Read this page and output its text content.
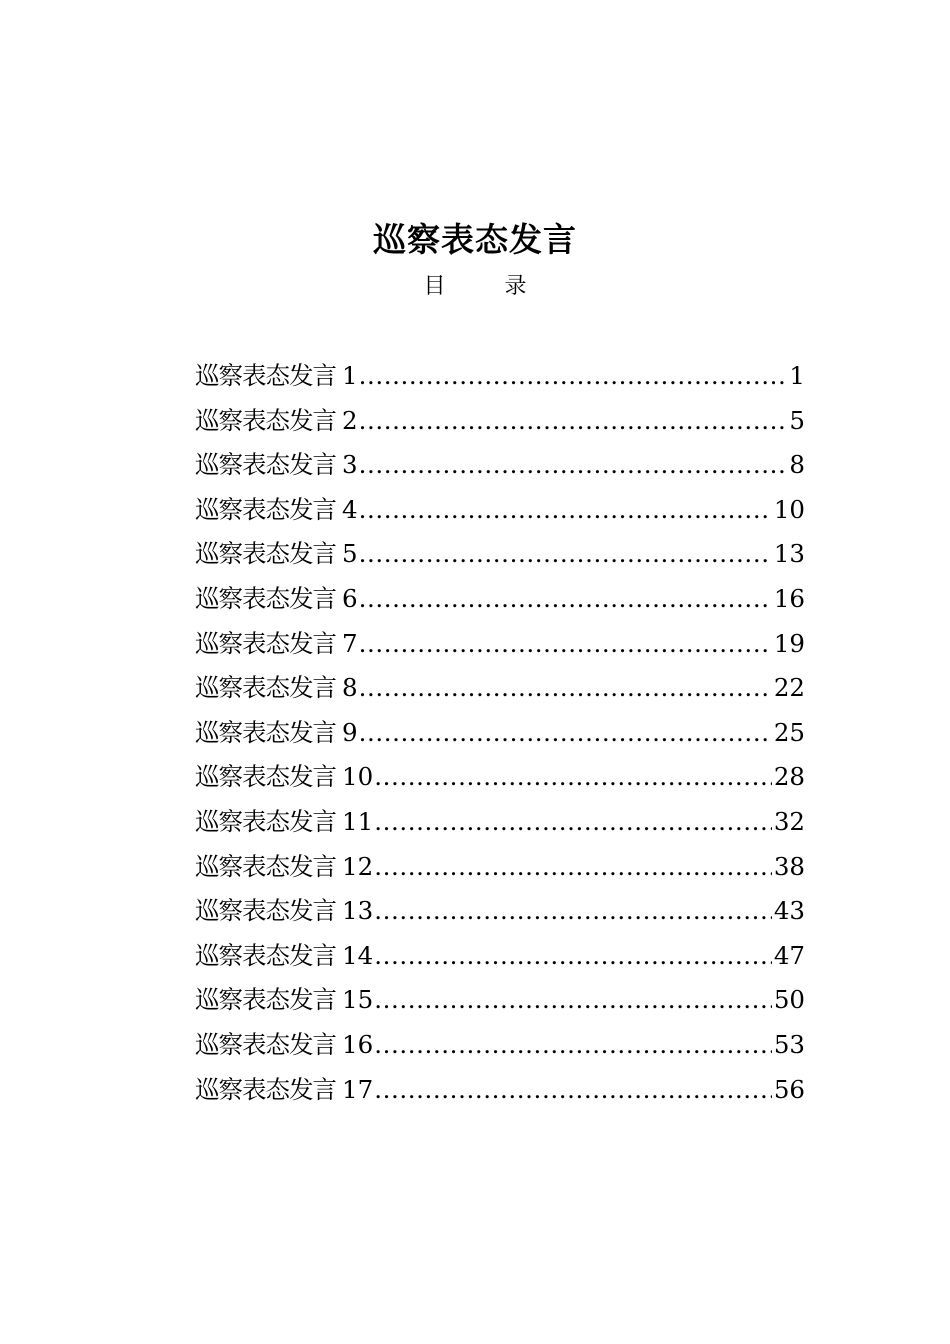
巡察表态发言
目 录
巡察表态发言 1 .....	1
巡察表态发言 2 .....	5
巡察表态发言 3 .....	8
巡察表态发言 4 .....	10
巡察表态发言 5 .....	13
巡察表态发言 6 .....	16
巡察表态发言 7 .....	19
巡察表态发言 8 .....	22
巡察表态发言 9 .....	25
巡察表态发言 10 .....	28
巡察表态发言 11 .....	32
巡察表态发言 12 .....	38
巡察表态发言 13 .....	43
巡察表态发言 14 .....	47
巡察表态发言 15 .....	50
巡察表态发言 16 .....	53
巡察表态发言 17 .....	56
